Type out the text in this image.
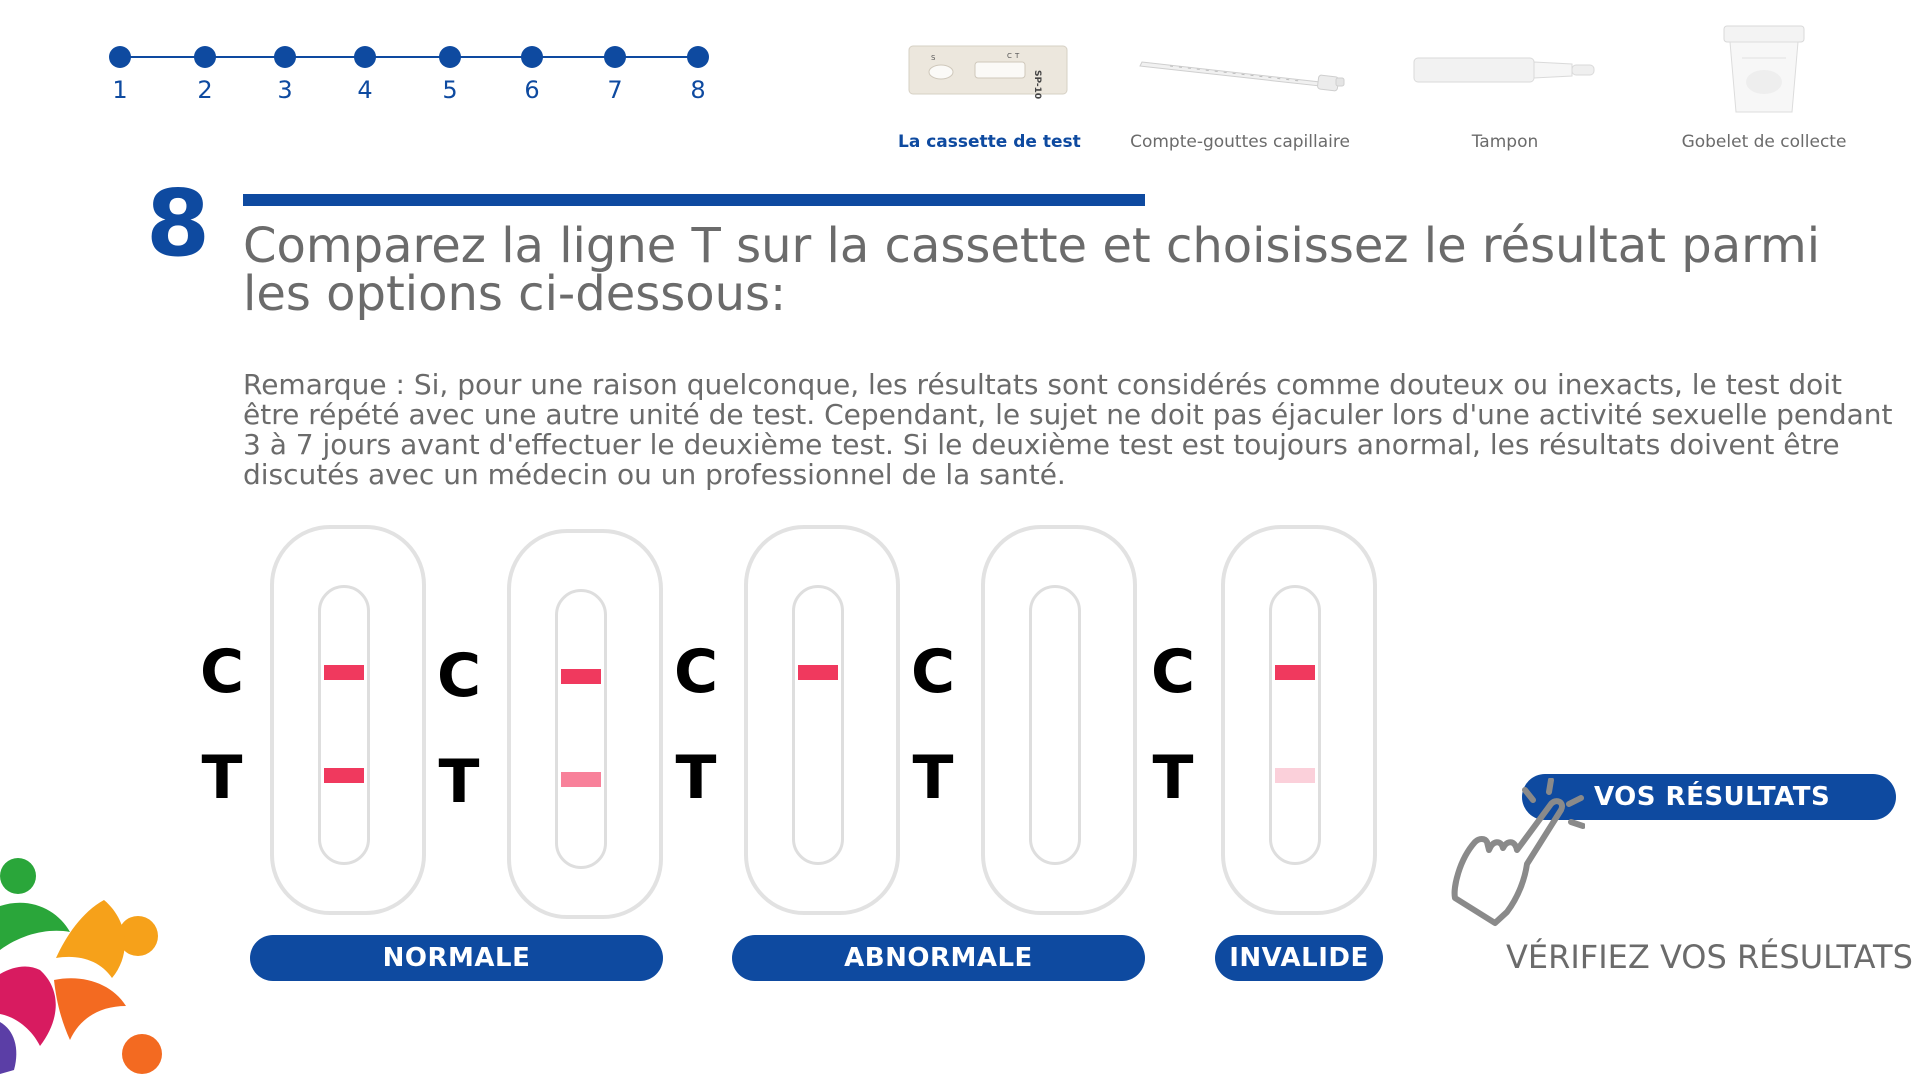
1	2	3	4	5	6	7	8
S	C T
SP-10
La cassette de test	Compte-gouttes capillaire	Tampon	Gobelet de collecte
8 Comparez la ligne T sur la cassette et choisissez le résultat parmi les options ci-dessous:
Remarque : Si, pour une raison quelconque, les résultats sont considérés comme douteux ou inexacts, le test doit être répété avec une autre unité de test. Cependant, le sujet ne doit pas éjaculer lors d'une activité sexuelle pendant 3 à 7 jours avant d'effectuer le deuxième test. Si le deuxième test est toujours anormal, les résultats doivent être discutés avec un médecin ou un professionnel de la santé.
C
T
C
T
C
T
C
T
C
T
NORMALE	ABNORMALE	INVALIDE
VOS RÉSULTATS
VÉRIFIEZ VOS RÉSULTATS
